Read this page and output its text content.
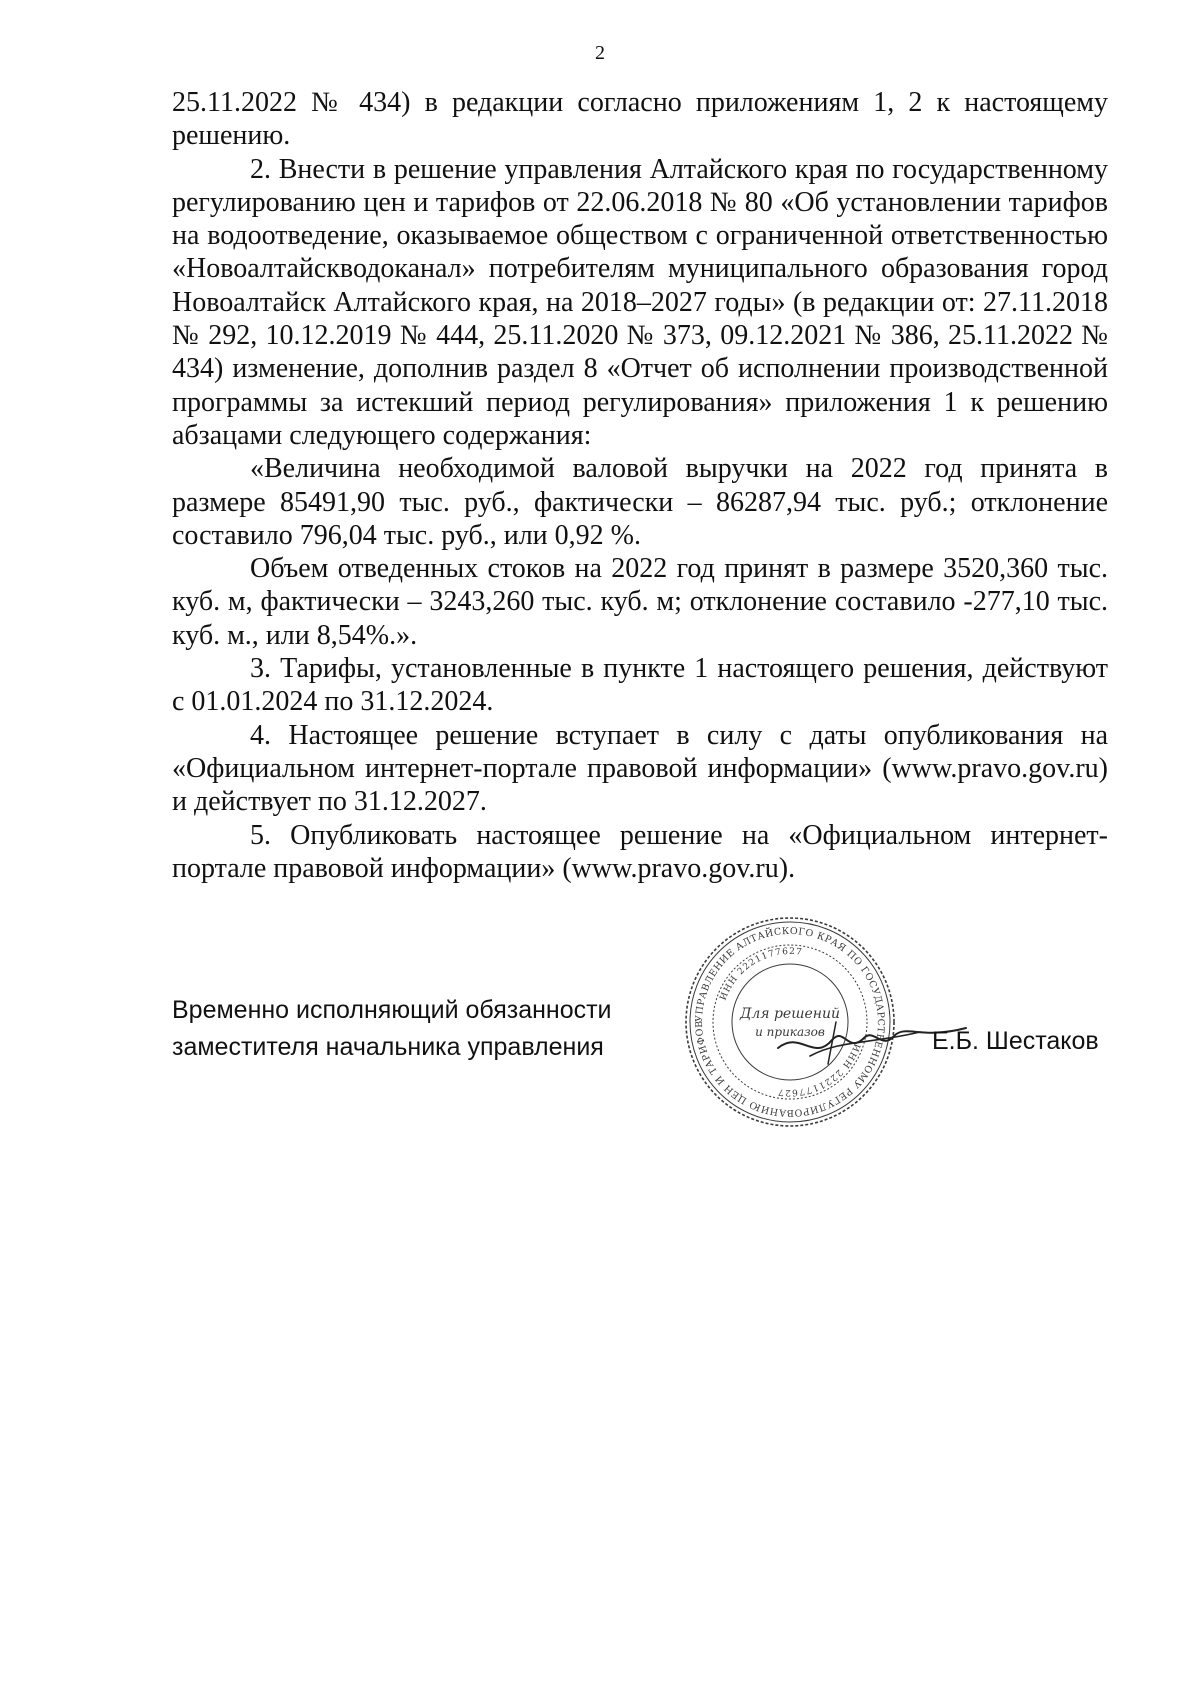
2

25.11.2022 № 434) в редакции согласно приложениям 1, 2 к настоящему решению.

2. Внести в решение управления Алтайского края по государственному регулированию цен и тарифов от 22.06.2018 № 80 «Об установлении тарифов на водоотведение, оказываемое обществом с ограниченной ответственностью «Новоалтайскводоканал» потребителям муниципального образования город Новоалтайск Алтайского края, на 2018–2027 годы» (в редакции от: 27.11.2018 № 292, 10.12.2019 № 444, 25.11.2020 № 373, 09.12.2021 № 386, 25.11.2022 № 434) изменение, дополнив раздел 8 «Отчет об исполнении производственной программы за истекший период регулирования» приложения 1 к решению абзацами следующего содержания:

«Величина необходимой валовой выручки на 2022 год принята в размере 85491,90 тыс. руб., фактически – 86287,94 тыс. руб.; отклонение составило 796,04 тыс. руб., или 0,92 %.

Объем отведенных стоков на 2022 год принят в размере 3520,360 тыс. куб. м, фактически – 3243,260 тыс. куб. м; отклонение составило -277,10 тыс. куб. м., или 8,54%.».

3. Тарифы, установленные в пункте 1 настоящего решения, действуют с 01.01.2024 по 31.12.2024.

4. Настоящее решение вступает в силу с даты опубликования на «Официальном интернет-портале правовой информации» (www.pravo.gov.ru) и действует по 31.12.2027.

5. Опубликовать настоящее решение на «Официальном интернет-портале правовой информации» (www.pravo.gov.ru).

Временно исполняющий обязанности
заместителя начальника управления
УПРАВЛЕНИЕ АЛТАЙСКОГО КРАЯ ПО ГОСУДАРСТВЕННОМУ РЕГУЛИРОВАНИЮ ЦЕН И ТАРИФОВ
ИНН 2221177627
ИНН 2221177627
Для решений
и приказов	Е.Б. Шестаков
